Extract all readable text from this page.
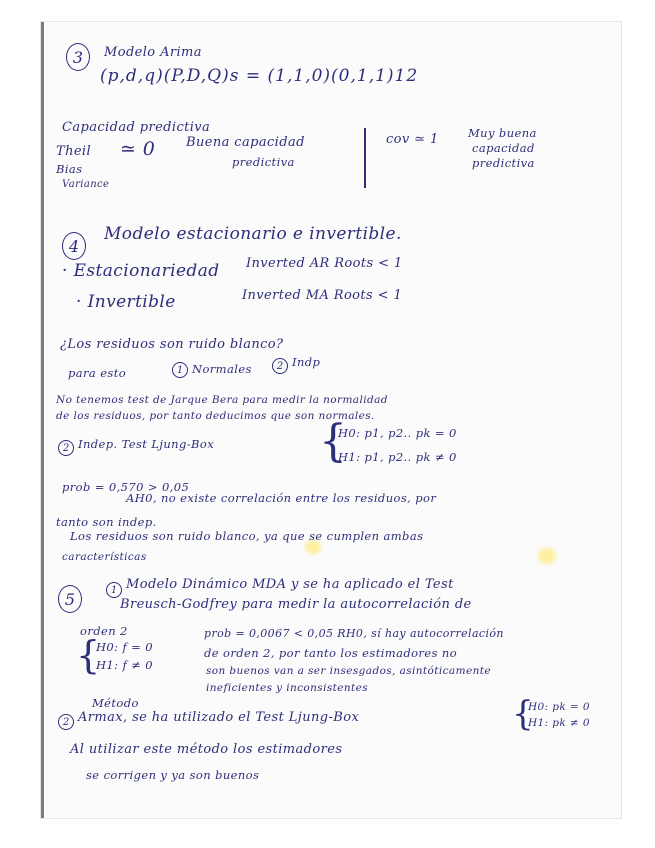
3	Modelo Arima
(p,d,q)(P,D,Q)s = (1,1,0)(0,1,1)12
Capacidad predictiva
Theil ≃ 0 Buena capacidad
predictiva
Bias
Variance
cov ≃ 1	Muy buena
capacidad
predictiva
4
Modelo estacionario e invertible.
· Estacionariedad Inverted AR Roots < 1
· Invertible	Inverted MA Roots < 1
¿Los residuos son ruido blanco?
para esto	1 Normales	2 Indp
No tenemos test de Jarque Bera para medir la normalidad
de los residuos, por tanto deducimos que son normales.
2 Indep. Test Ljung-Box {
H0: p1, p2.. pk = 0
H1: p1, p2.. pk ≠ 0
prob = 0,570 > 0,05
AH0, no existe correlación entre los residuos, por
tanto son indep.
Los residuos son ruido blanco, ya que se cumplen ambas
características
5	1 Modelo Dinámico MDA y se ha aplicado el Test
Breusch-Godfrey para medir la autocorrelación de
orden 2
{
H0: f = 0
H1: f ≠ 0
prob = 0,0067 < 0,05 RH0, sí hay autocorrelación
de orden 2, por tanto los estimadores no
son buenos van a ser insesgados, asintóticamente
ineficientes y inconsistentes
Método
2 Armax, se ha utilizado el Test Ljung-Box	{
H0: pk = 0
H1: pk ≠ 0
Al utilizar este método los estimadores
se corrigen y ya son buenos
